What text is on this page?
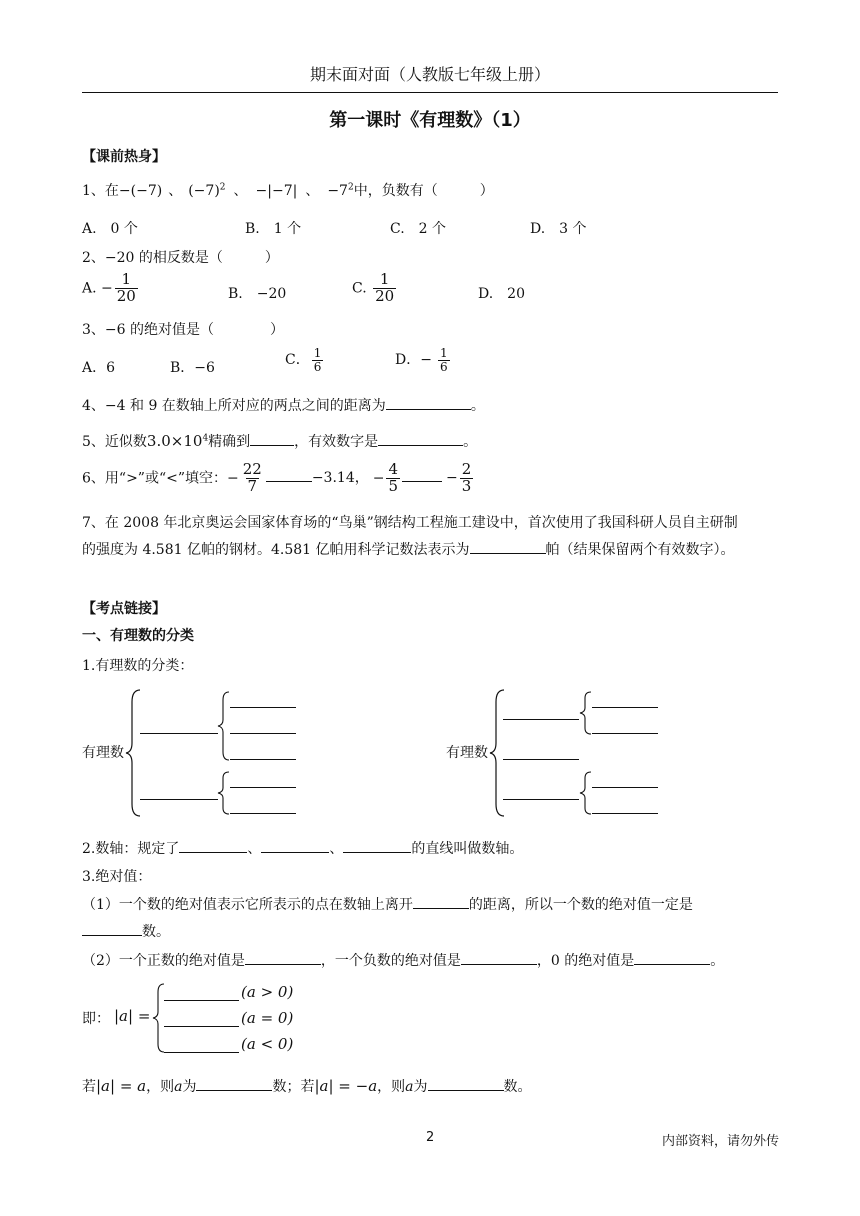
期末面对面（人教版七年级上册）
第一课时《有理数》（1）
【课前热身】
1、在−(−7) 、 $(-7)^2$ 、 −|−7| 、 $-7^2$中，负数有（　　　）
A.　0 个	B.　1 个	C.　2 个	D.　3 个
2、−20 的相反数是（　　　）
A. − $\frac{1}{20}$	B.　−20	C. $\frac{1}{20}$	D.　20
3、−6 的绝对值是（　　　　）
A．6	B．−6	C． $\frac{1}{6}$	D．− $\frac{1}{6}$
4、−4 和 9 在数轴上所对应的两点之间的距离为	。
5、近似数$3.0\times 10^4$精确到	，有效数字是	。
6、用“>”或“<”填空：− $\frac{22}{7}$	−3.14， − $\frac{4}{5}$	− $\frac{2}{3}$
7、在 2008 年北京奥运会国家体育场的“鸟巢”钢结构工程施工建设中，首次使用了我国科研人员自主研制
的强度为 4.581 亿帕的钢材。4.581 亿帕用科学记数法表示为	帕（结果保留两个有效数字）。
【考点链接】
一、有理数的分类
1.有理数的分类：
有理数	有理数
2.数轴：规定了	、	、	的直线叫做数轴。
3.绝对值：
（1）一个数的绝对值表示它所表示的点在数轴上离开	的距离，所以一个数的绝对值一定是
数。
（2）一个正数的绝对值是	，一个负数的绝对值是	，0 的绝对值是	。
即： |a| =
(a > 0)
(a = 0)
(a < 0)
若|a| = a，则a为	数；若|a| = −a，则a为	数。
2	内部资料，请勿外传
